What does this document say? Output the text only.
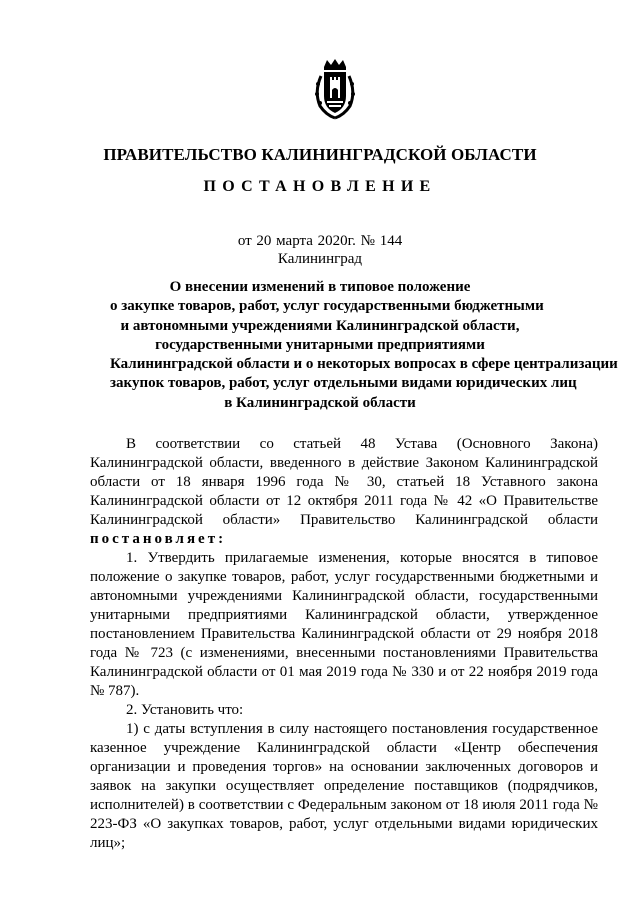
ПРАВИТЕЛЬСТВО КАЛИНИНГРАДСКОЙ ОБЛАСТИ
ПОСТАНОВЛЕНИЕ
от 20 марта 2020г. № 144
Калининград
О внесении изменений в типовое положение
о закупке товаров, работ, услуг государственными бюджетными
и автономными учреждениями Калининградской области,
государственными унитарными предприятиями
Калининградской области и о некоторых вопросах в сфере централизации
закупок товаров, работ, услуг отдельными видами юридических лиц
в Калининградской области

В соответствии со статьей 48 Устава (Основного Закона) Калининградской области, введенного в действие Законом Калининградской области от 18 января 1996 года № 30, статьей 18 Уставного закона Калининградской области от 12 октября 2011 года № 42 «О Правительстве Калининградской области» Правительство Калининградской области постановляет:

1. Утвердить прилагаемые изменения, которые вносятся в типовое положение о закупке товаров, работ, услуг государственными бюджетными и автономными учреждениями Калининградской области, государственными унитарными предприятиями Калининградской области, утвержденное постановлением Правительства Калининградской области от 29 ноября 2018 года № 723 (с изменениями, внесенными постановлениями Правительства Калининградской области от 01 мая 2019 года № 330 и от 22 ноября 2019 года № 787).

2. Установить что:

1) с даты вступления в силу настоящего постановления государственное казенное учреждение Калининградской области «Центр обеспечения организации и проведения торгов» на основании заключенных договоров и заявок на закупки осуществляет определение поставщиков (подрядчиков, исполнителей) в соответствии с Федеральным законом от 18 июля 2011 года № 223-ФЗ «О закупках товаров, работ, услуг отдельными видами юридических лиц»;
